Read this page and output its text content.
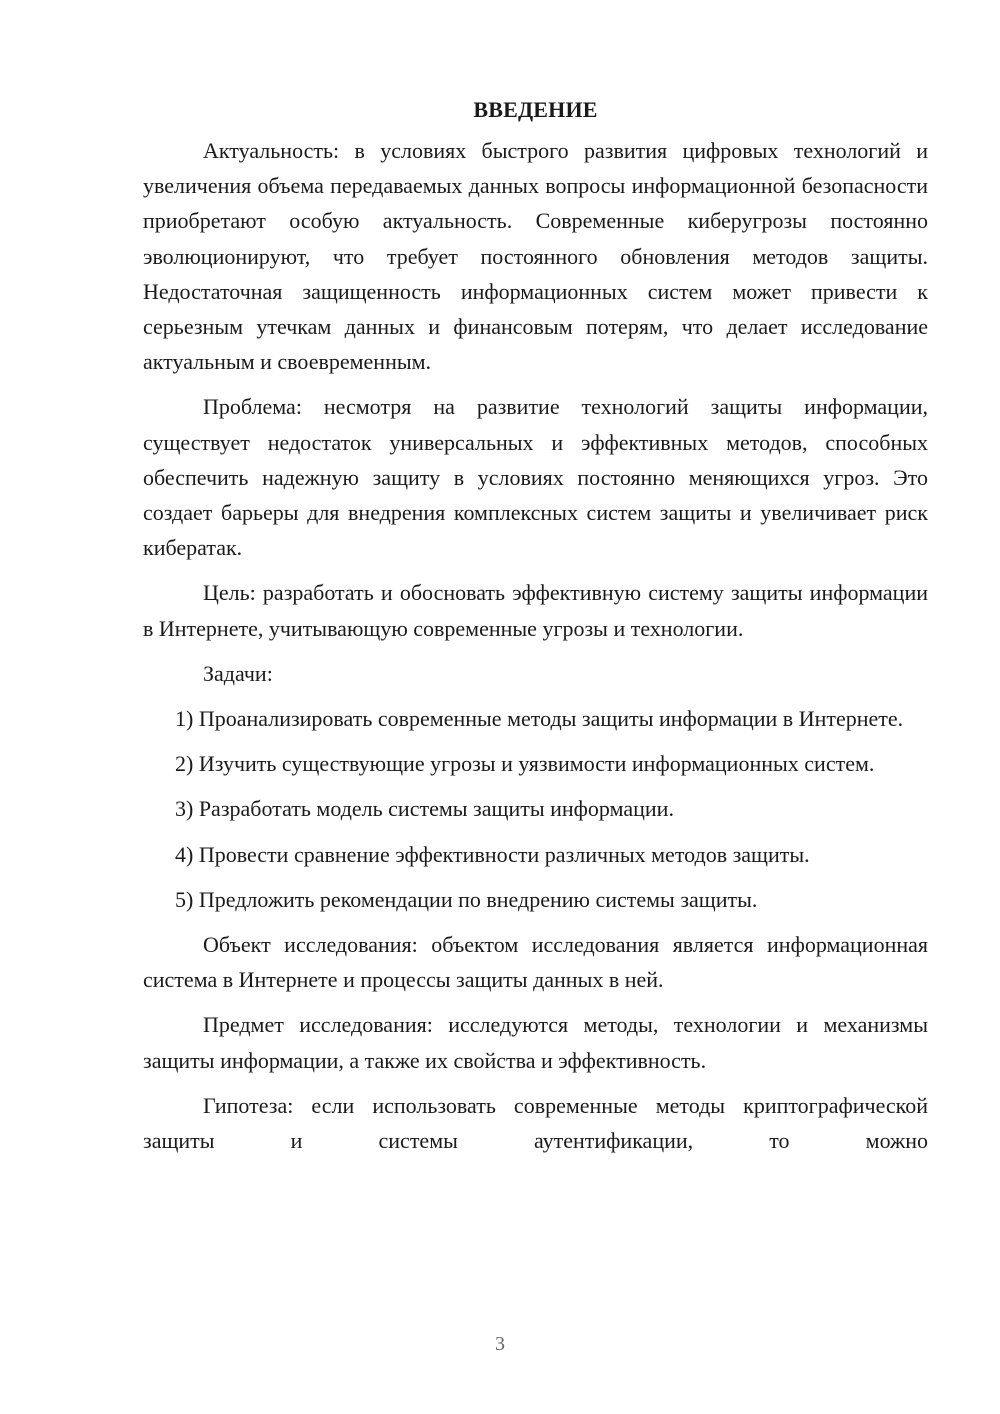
ВВЕДЕНИЕ

Актуальность: в условиях быстрого развития цифровых технологий и увеличения объема передаваемых данных вопросы информационной безопасности приобретают особую актуальность. Современные киберугрозы постоянно эволюционируют, что требует постоянного обновления методов защиты. Недостаточная защищенность информационных систем может привести к серьезным утечкам данных и финансовым потерям, что делает исследование актуальным и своевременным.

Проблема: несмотря на развитие технологий защиты информации, существует недостаток универсальных и эффективных методов, способных обеспечить надежную защиту в условиях постоянно меняющихся угроз. Это создает барьеры для внедрения комплексных систем защиты и увеличивает риск кибератак.

Цель: разработать и обосновать эффективную систему защиты информации в Интернете, учитывающую современные угрозы и технологии.

Задачи:

1) Проанализировать современные методы защиты информации в Интернете.

2) Изучить существующие угрозы и уязвимости информационных систем.

3) Разработать модель системы защиты информации.

4) Провести сравнение эффективности различных методов защиты.

5) Предложить рекомендации по внедрению системы защиты.

Объект исследования: объектом исследования является информационная система в Интернете и процессы защиты данных в ней.

Предмет исследования: исследуются методы, технологии и механизмы защиты информации, а также их свойства и эффективность.

Гипотеза: если использовать современные методы криптографической защиты и системы аутентификации, то можно

3
